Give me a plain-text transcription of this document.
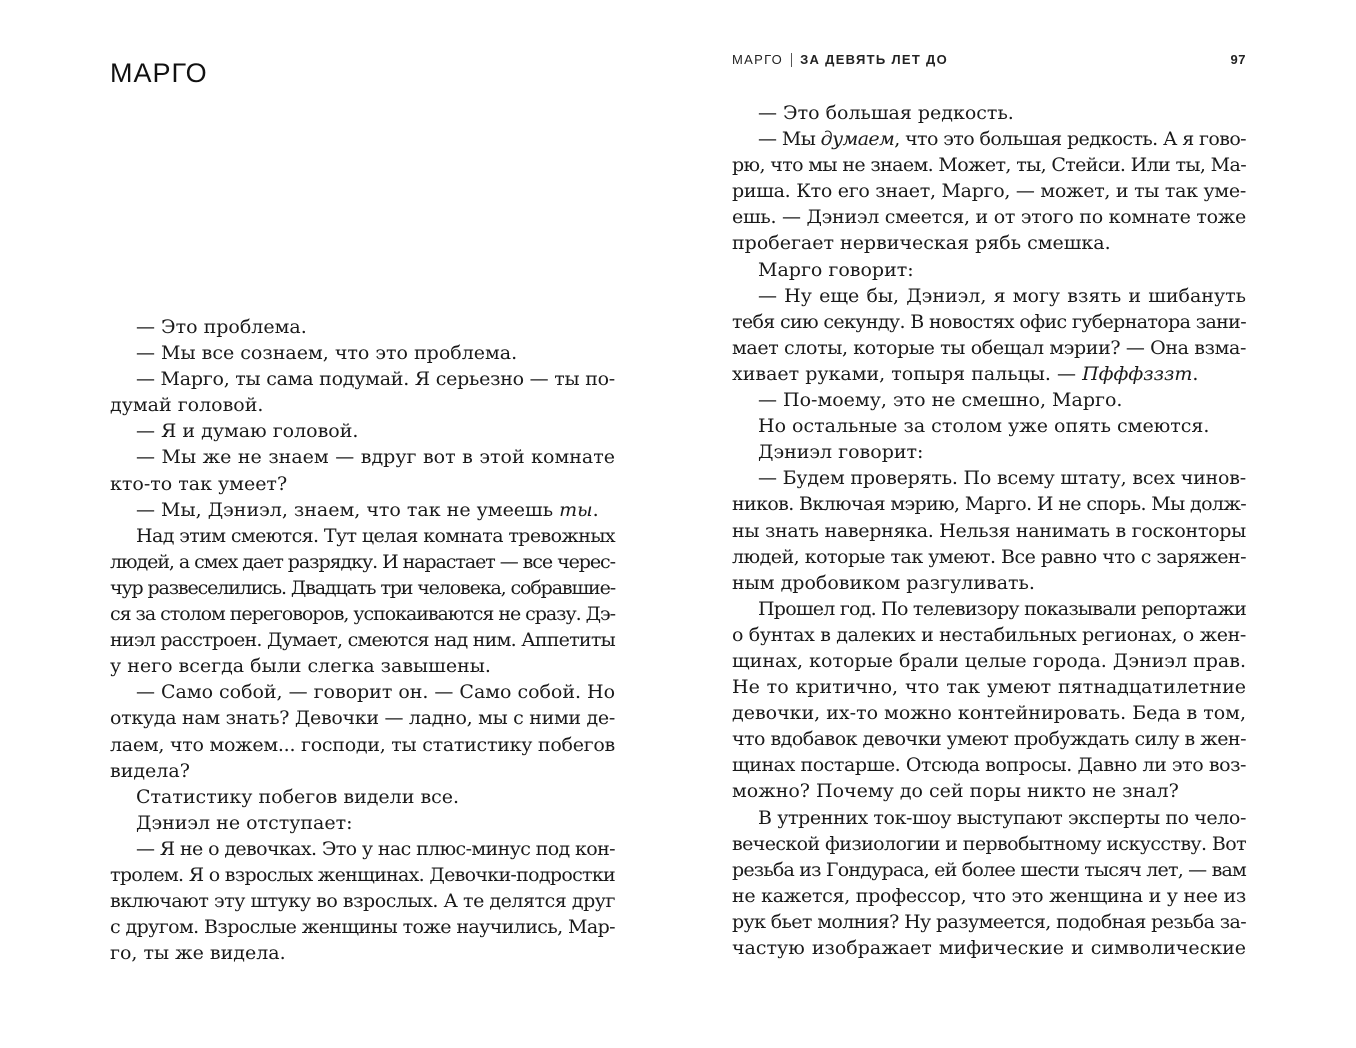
МАРГО
— Это проблема.
— Мы все сознаем, что это проблема.
— Марго, ты сама подумай. Я серьезно — ты по-
думай головой.
— Я и думаю головой.
— Мы же не знаем — вдруг вот в этой комнате
кто-то так умеет?
— Мы, Дэниэл, знаем, что так не умеешь ты.
Над этим смеются. Тут целая комната тревожных
людей, а смех дает разрядку. И нарастает — все черес-
чур развеселились. Двадцать три человека, собравшие-
ся за столом переговоров, успокаиваются не сразу. Дэ-
ниэл расстроен. Думает, смеются над ним. Аппетиты
у него всегда были слегка завышены.
— Само собой, — говорит он. — Само собой. Но
откуда нам знать? Девочки — ладно, мы с ними де-
лаем, что можем... господи, ты статистику побегов
видела?
Статистику побегов видели все.
Дэниэл не отступает:
— Я не о девочках. Это у нас плюс-минус под кон-
тролем. Я о взрослых женщинах. Девочки-подростки
включают эту штуку во взрослых. А те делятся друг
с другом. Взрослые женщины тоже научились, Мар-
го, ты же видела.
МАРГО ЗА ДЕВЯТЬ ЛЕТ ДО	97
— Это большая редкость.
— Мы думаем, что это большая редкость. А я гово-
рю, что мы не знаем. Может, ты, Стейси. Или ты, Ма-
риша. Кто его знает, Марго, — может, и ты так уме-
ешь. — Дэниэл смеется, и от этого по комнате тоже
пробегает нервическая рябь смешка.
Марго говорит:
— Ну еще бы, Дэниэл, я могу взять и шибануть
тебя сию секунду. В новостях офис губернатора зани-
мает слоты, которые ты обещал мэрии? — Она взма-
хивает руками, топыря пальцы. — Пфффзззт.
— По-моему, это не смешно, Марго.
Но остальные за столом уже опять смеются.
Дэниэл говорит:
— Будем проверять. По всему штату, всех чинов-
ников. Включая мэрию, Марго. И не спорь. Мы долж-
ны знать наверняка. Нельзя нанимать в госконторы
людей, которые так умеют. Все равно что с заряжен-
ным дробовиком разгуливать.
Прошел год. По телевизору показывали репортажи
о бунтах в далеких и нестабильных регионах, о жен-
щинах, которые брали целые города. Дэниэл прав.
Не то критично, что так умеют пятнадцатилетние
девочки, их-то можно контейнировать. Беда в том,
что вдобавок девочки умеют пробуждать силу в жен-
щинах постарше. Отсюда вопросы. Давно ли это воз-
можно? Почему до сей поры никто не знал?
В утренних ток-шоу выступают эксперты по чело-
веческой физиологии и первобытному искусству. Вот
резьба из Гондураса, ей более шести тысяч лет, — вам
не кажется, профессор, что это женщина и у нее из
рук бьет молния? Ну разумеется, подобная резьба за-
частую изображает мифические и символические
